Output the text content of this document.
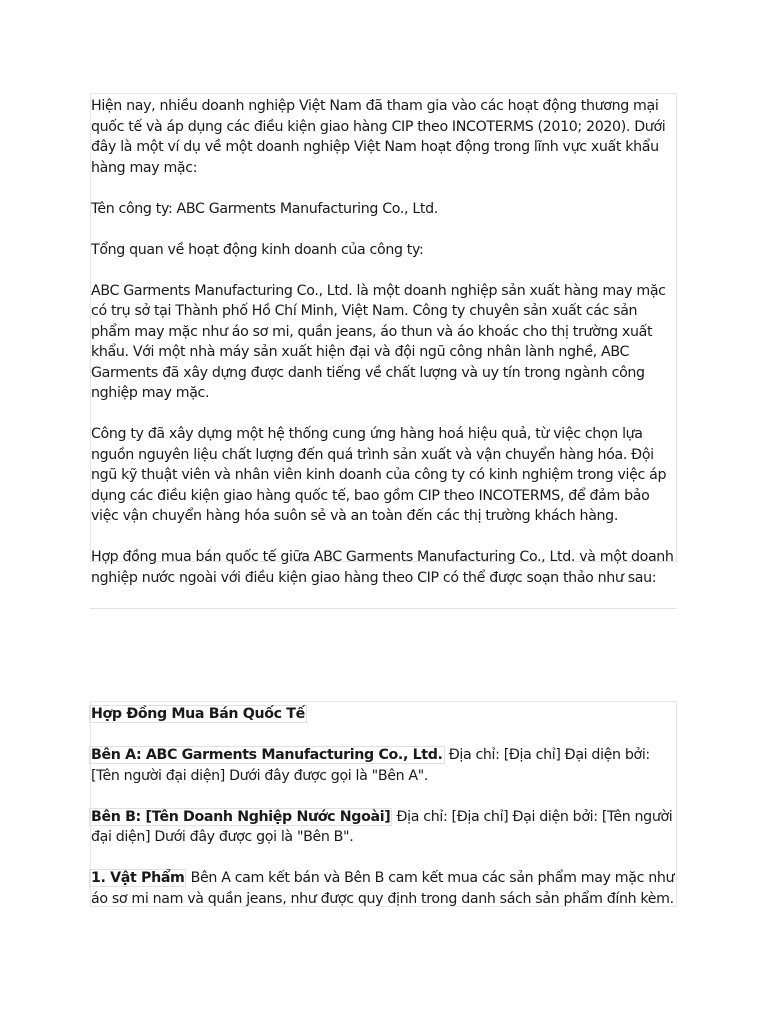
Hiện nay, nhiều doanh nghiệp Việt Nam đã tham gia vào các hoạt động thương mại quốc tế và áp dụng các điều kiện giao hàng CIP theo INCOTERMS (2010; 2020). Dưới đây là một ví dụ về một doanh nghiệp Việt Nam hoạt động trong lĩnh vực xuất khẩu hàng may mặc:

Tên công ty: ABC Garments Manufacturing Co., Ltd.

Tổng quan về hoạt động kinh doanh của công ty:

ABC Garments Manufacturing Co., Ltd. là một doanh nghiệp sản xuất hàng may mặc có trụ sở tại Thành phố Hồ Chí Minh, Việt Nam. Công ty chuyên sản xuất các sản phẩm may mặc như áo sơ mi, quần jeans, áo thun và áo khoác cho thị trường xuất khẩu. Với một nhà máy sản xuất hiện đại và đội ngũ công nhân lành nghề, ABC Garments đã xây dựng được danh tiếng về chất lượng và uy tín trong ngành công nghiệp may mặc.

Công ty đã xây dựng một hệ thống cung ứng hàng hoá hiệu quả, từ việc chọn lựa nguồn nguyên liệu chất lượng đến quá trình sản xuất và vận chuyển hàng hóa. Đội ngũ kỹ thuật viên và nhân viên kinh doanh của công ty có kinh nghiệm trong việc áp dụng các điều kiện giao hàng quốc tế, bao gồm CIP theo INCOTERMS, để đảm bảo việc vận chuyển hàng hóa suôn sẻ và an toàn đến các thị trường khách hàng.

Hợp đồng mua bán quốc tế giữa ABC Garments Manufacturing Co., Ltd. và một doanh nghiệp nước ngoài với điều kiện giao hàng theo CIP có thể được soạn thảo như sau:

Hợp Đồng Mua Bán Quốc Tế

Bên A: ABC Garments Manufacturing Co., Ltd. Địa chỉ: [Địa chỉ] Đại diện bởi: [Tên người đại diện] Dưới đây được gọi là "Bên A".

Bên B: [Tên Doanh Nghiệp Nước Ngoài] Địa chỉ: [Địa chỉ] Đại diện bởi: [Tên người đại diện] Dưới đây được gọi là "Bên B".

1. Vật Phẩm Bên A cam kết bán và Bên B cam kết mua các sản phẩm may mặc như áo sơ mi nam và quần jeans, như được quy định trong danh sách sản phẩm đính kèm.
